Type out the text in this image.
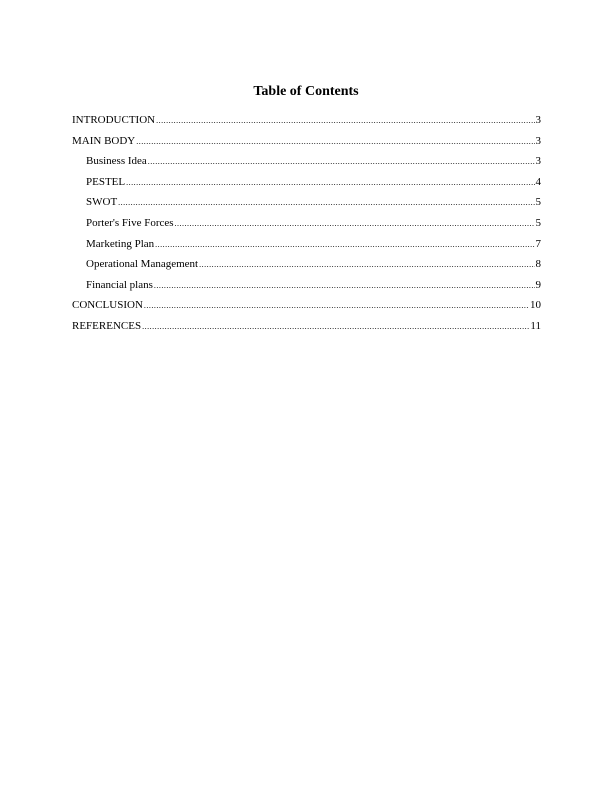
Table of Contents
INTRODUCTION .....	3
MAIN BODY .....	3
Business Idea .....	3
PESTEL .....	4
SWOT .....	5
Porter's Five Forces .....	5
Marketing Plan .....	7
Operational Management .....	8
Financial plans .....	9
CONCLUSION .....	10
REFERENCES .....	11
